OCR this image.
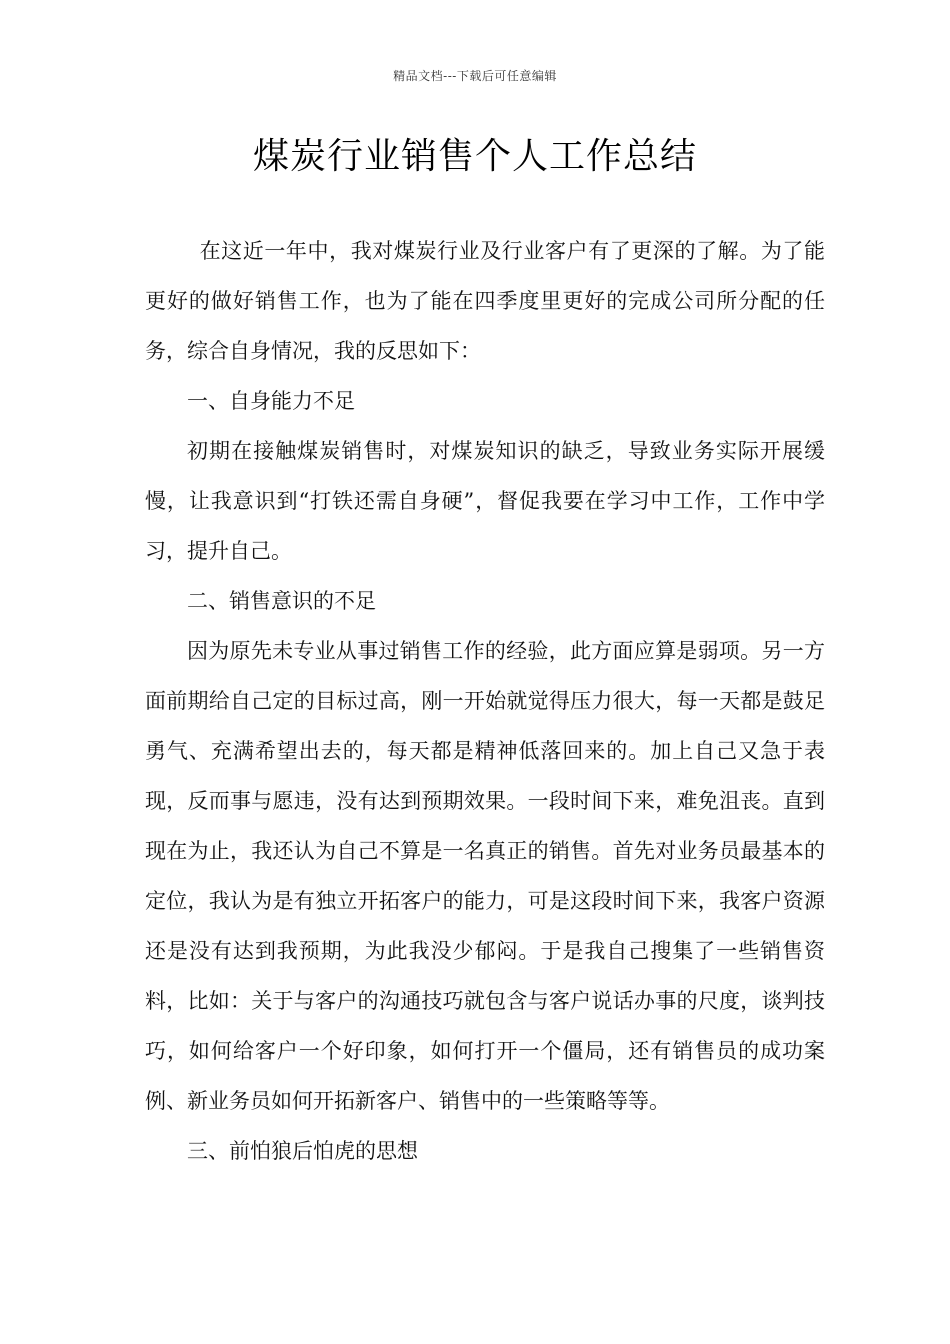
精品文档---下载后可任意编辑
煤炭行业销售个人工作总结

在这近一年中，我对煤炭行业及行业客户有了更深的了解。为了能更好的做好销售工作，也为了能在四季度里更好的完成公司所分配的任务，综合自身情况，我的反思如下：

一、自身能力不足

初期在接触煤炭销售时，对煤炭知识的缺乏，导致业务实际开展缓慢，让我意识到“打铁还需自身硬”，督促我要在学习中工作，工作中学习，提升自己。

二、销售意识的不足

因为原先未专业从事过销售工作的经验，此方面应算是弱项。另一方面前期给自己定的目标过高，刚一开始就觉得压力很大，每一天都是鼓足勇气、充满希望出去的，每天都是精神低落回来的。加上自己又急于表现，反而事与愿违，没有达到预期效果。一段时间下来，难免沮丧。直到现在为止，我还认为自己不算是一名真正的销售。首先对业务员最基本的定位，我认为是有独立开拓客户的能力，可是这段时间下来，我客户资源还是没有达到我预期，为此我没少郁闷。于是我自己搜集了一些销售资料，比如：关于与客户的沟通技巧就包含与客户说话办事的尺度，谈判技巧，如何给客户一个好印象，如何打开一个僵局，还有销售员的成功案例、新业务员如何开拓新客户、销售中的一些策略等等。

三、前怕狼后怕虎的思想
